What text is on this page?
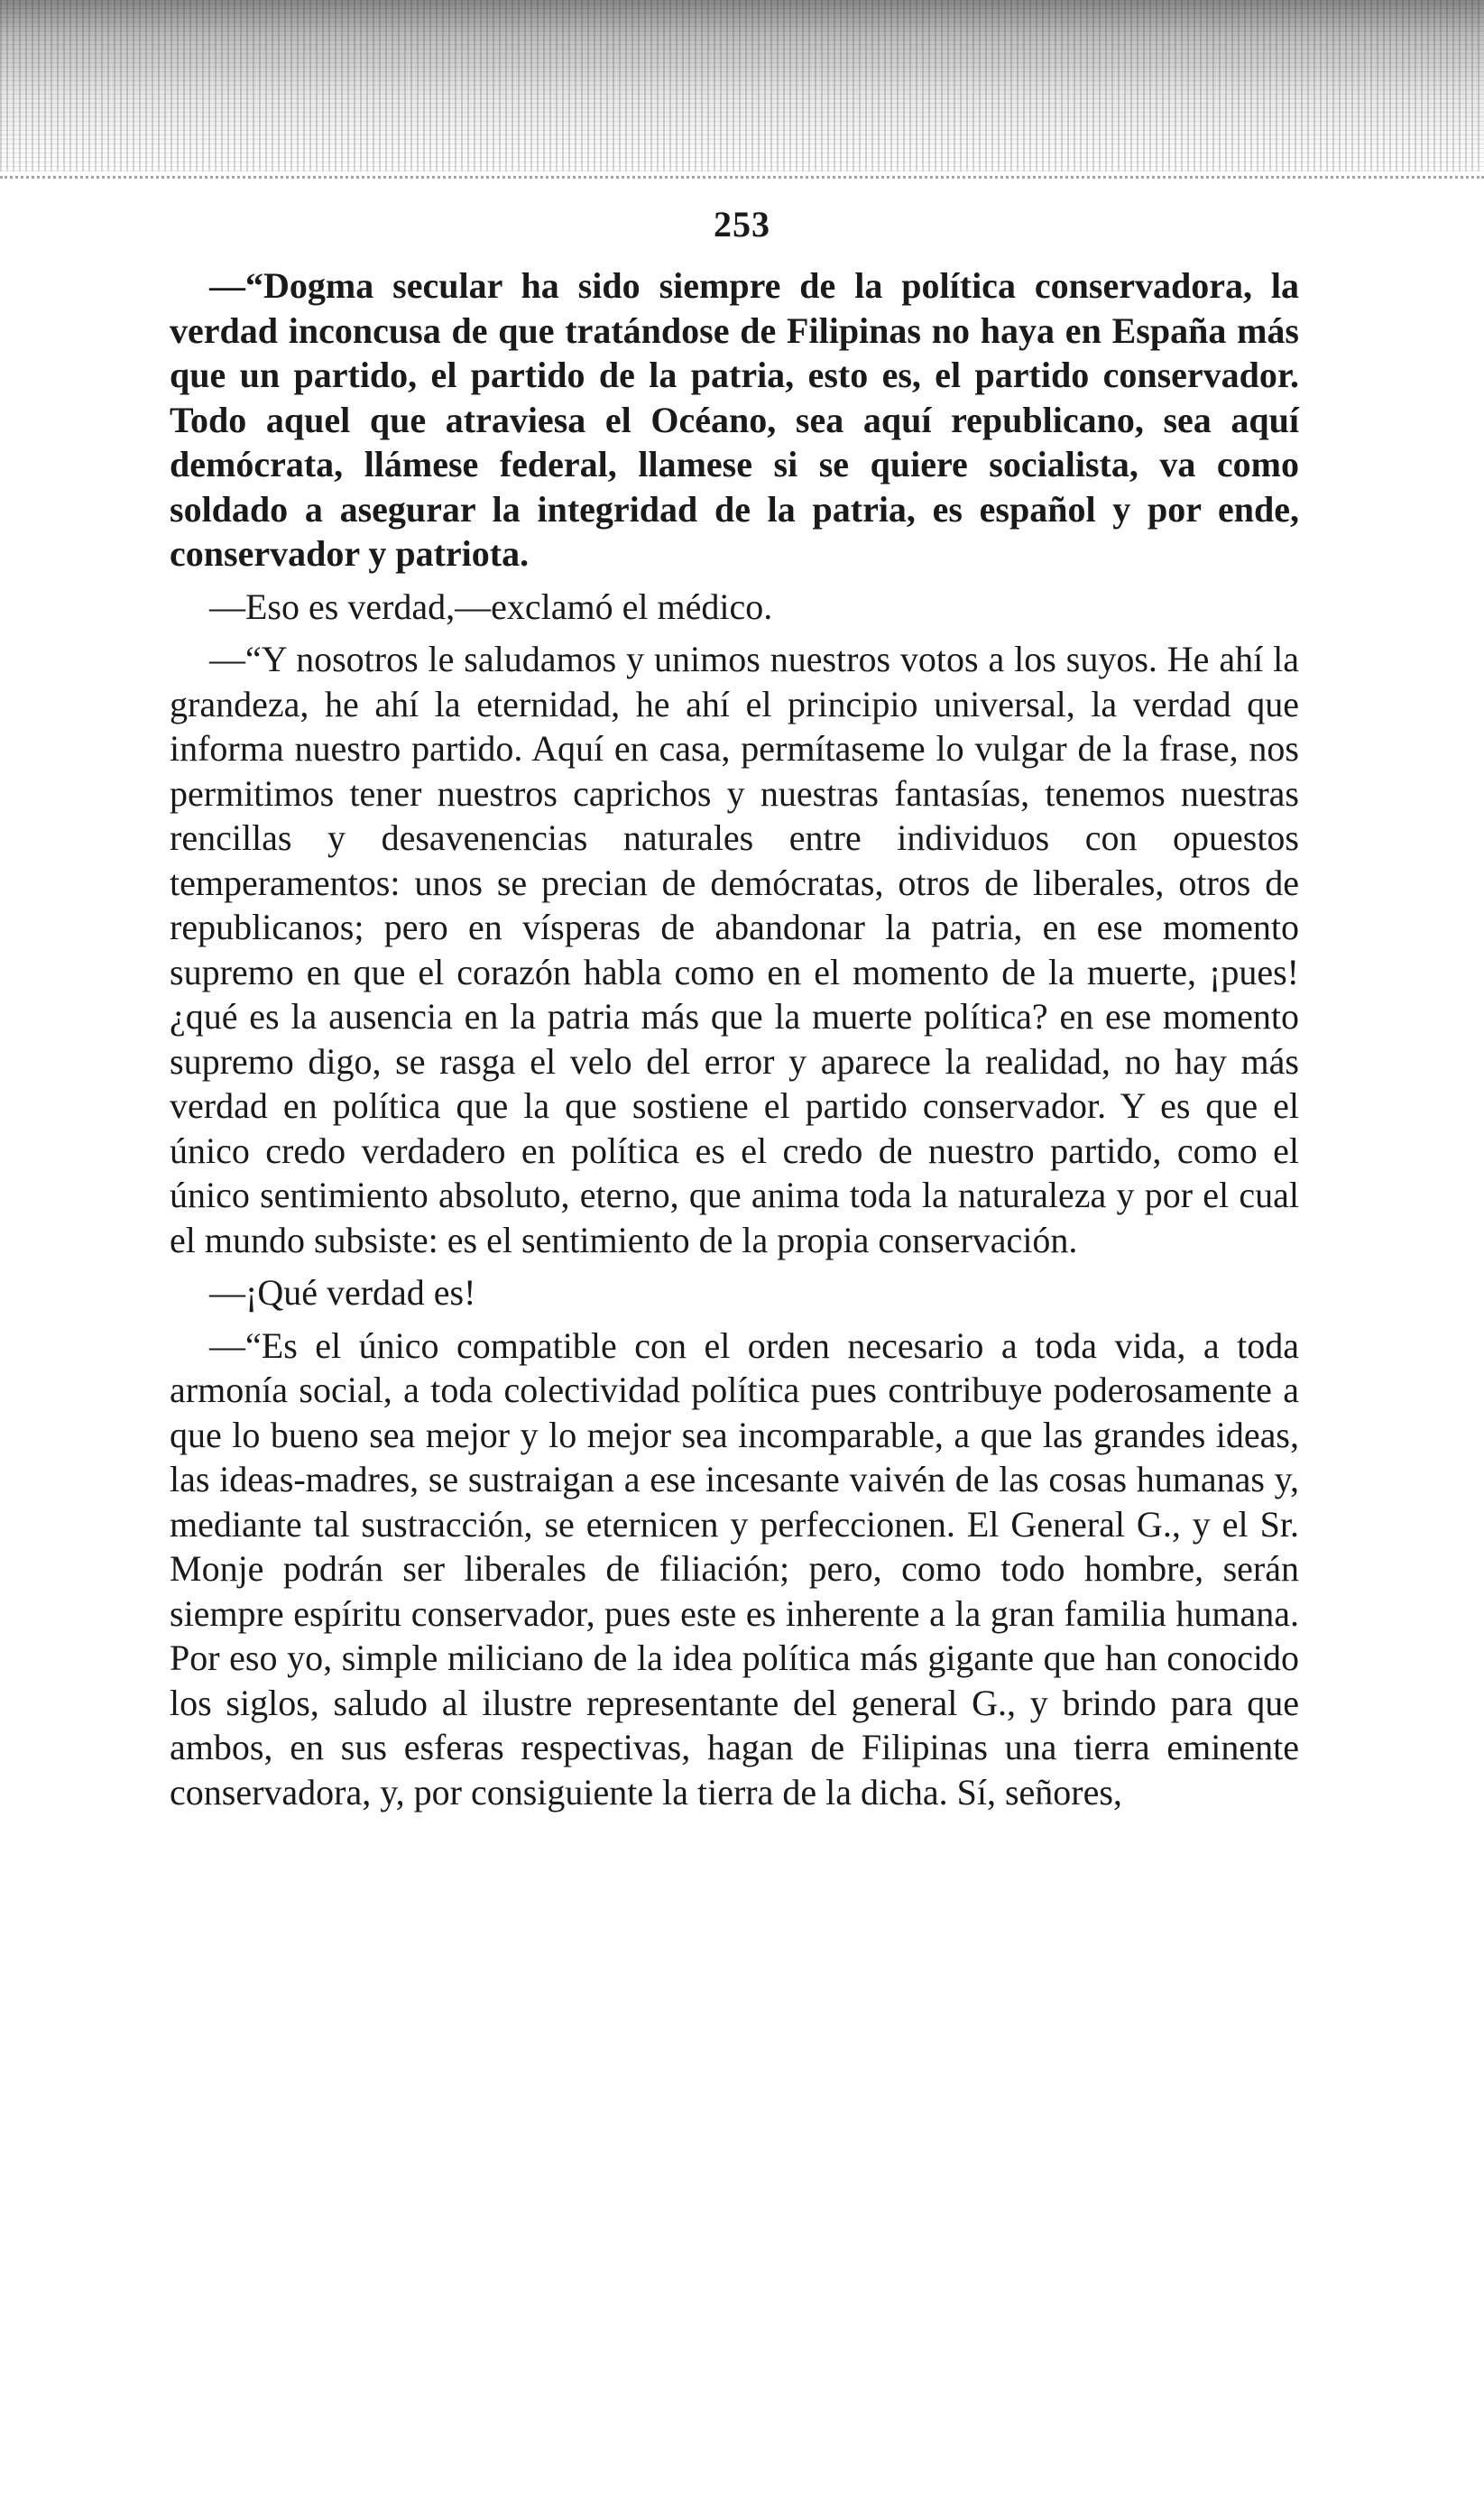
253

—“Dogma secular ha sido siempre de la política conservadora, la verdad inconcusa de que tratándose de Filipinas no haya en España más que un partido, el partido de la patria, esto es, el partido conservador. Todo aquel que atraviesa el Océano, sea aquí republicano, sea aquí demócrata, llámese federal, llamese si se quiere socialista, va como soldado a asegurar la integridad de la patria, es español y por ende, conservador y patriota.

—Eso es verdad,—exclamó el médico.

—“Y nosotros le saludamos y unimos nuestros votos a los suyos. He ahí la grandeza, he ahí la eternidad, he ahí el principio universal, la verdad que informa nuestro partido. Aquí en casa, permítaseme lo vulgar de la frase, nos permitimos tener nuestros caprichos y nuestras fantasías, tenemos nuestras rencillas y desavenencias naturales entre individuos con opuestos temperamentos: unos se precian de demócratas, otros de liberales, otros de republicanos; pero en vísperas de abandonar la patria, en ese momento supremo en que el corazón habla como en el momento de la muerte, ¡pues! ¿qué es la ausencia en la patria más que la muerte política? en ese momento supremo digo, se rasga el velo del error y aparece la realidad, no hay más verdad en política que la que sostiene el partido conservador. Y es que el único credo verdadero en política es el credo de nuestro partido, como el único sentimiento absoluto, eterno, que anima toda la naturaleza y por el cual el mundo subsiste: es el sentimiento de la propia conservación.

—¡Qué verdad es!

—“Es el único compatible con el orden necesario a toda vida, a toda armonía social, a toda colectividad política pues contribuye poderosamente a que lo bueno sea mejor y lo mejor sea incomparable, a que las grandes ideas, las ideas-madres, se sustraigan a ese incesante vaivén de las cosas humanas y, mediante tal sustracción, se eternicen y perfeccionen. El General G., y el Sr. Monje podrán ser liberales de filiación; pero, como todo hombre, serán siempre espíritu conservador, pues este es inherente a la gran familia humana. Por eso yo, simple miliciano de la idea política más gigante que han conocido los siglos, saludo al ilustre representante del general G., y brindo para que ambos, en sus esferas respectivas, hagan de Filipinas una tierra eminente conservadora, y, por consiguiente la tierra de la dicha. Sí, señores,
